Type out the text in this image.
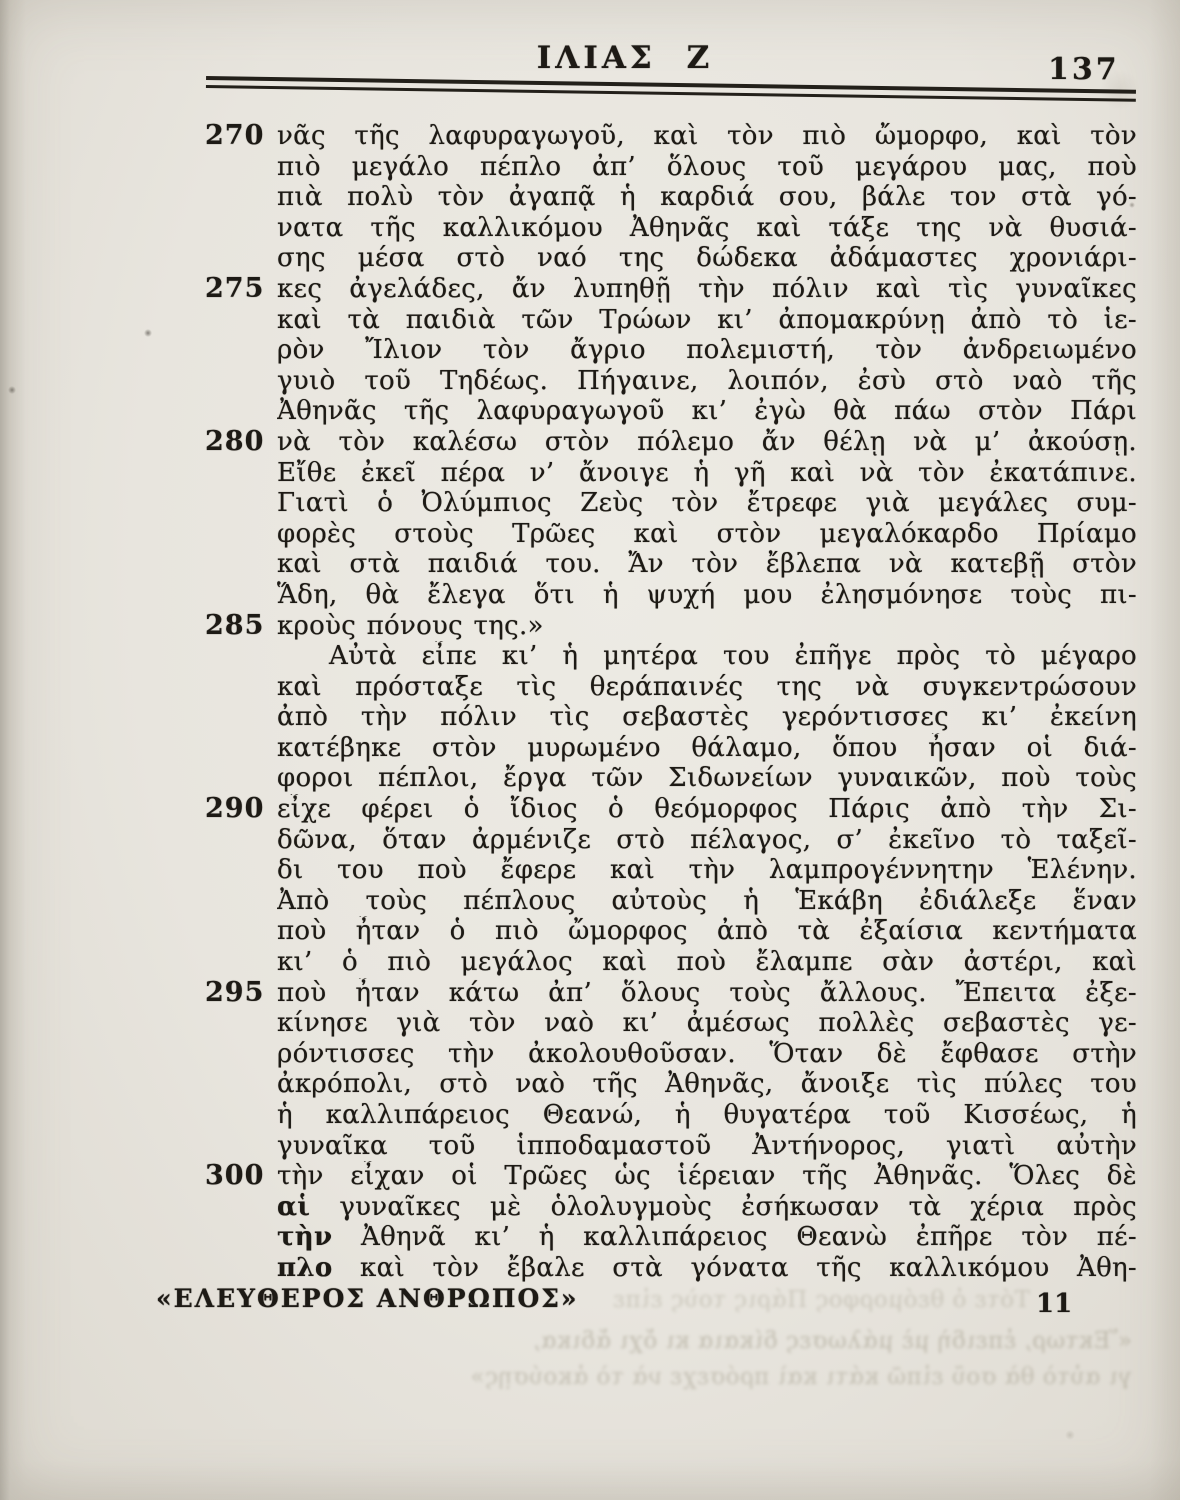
ΙΛΙΑΣ Ζ	137
270 νᾶς τῆς λαφυραγωγοῦ, καὶ τὸν πιὸ ὤμορφο, καὶ τὸν
πιὸ μεγάλο πέπλο ἀπ’ ὅλους τοῦ μεγάρου μας, ποὺ
πιὰ πολὺ τὸν ἀγαπᾷ ἡ καρδιά σου, βάλε τον στὰ γό-
νατα τῆς καλλικόμου Ἀθηνᾶς καὶ τάξε της νὰ θυσιά-
σης μέσα στὸ ναό της δώδεκα ἀδάμαστες χρονιάρι-
275 κες ἀγελάδες, ἄν λυπηθῇ τὴν πόλιν καὶ τὶς γυναῖκες
καὶ τὰ παιδιὰ τῶν Τρώων κι’ ἀπομακρύνῃ ἀπὸ τὸ ἱε-
ρὸν Ἴλιον τὸν ἄγριο πολεμιστή, τὸν ἀνδρειωμένο
γυιὸ τοῦ Τηδέως. Πήγαινε, λοιπόν, ἐσὺ στὸ ναὸ τῆς
Ἀθηνᾶς τῆς λαφυραγωγοῦ κι’ ἐγὼ θὰ πάω στὸν Πάρι
280 νὰ τὸν καλέσω στὸν πόλεμο ἄν θέλῃ νὰ μ’ ἀκούσῃ.
Εἴθε ἐκεῖ πέρα ν’ ἄνοιγε ἡ γῆ καὶ νὰ τὸν ἐκατάπινε.
Γιατὶ ὁ Ὀλύμπιος Ζεὺς τὸν ἔτρεφε γιὰ μεγάλες συμ-
φορὲς στοὺς Τρῶες καὶ στὸν μεγαλόκαρδο Πρίαμο
καὶ στὰ παιδιά του. Ἄν τὸν ἔβλεπα νὰ κατεβῇ στὸν
Ἅδη, θὰ ἔλεγα ὅτι ἡ ψυχή μου ἐλησμόνησε τοὺς πι-
285 κροὺς πόνους της.»
Αὐτὰ εἶπε κι’ ἡ μητέρα του ἐπῆγε πρὸς τὸ μέγαρο
καὶ πρόσταξε τὶς θεράπαινές της νὰ συγκεντρώσουν
ἀπὸ τὴν πόλιν τὶς σεβαστὲς γερόντισσες κι’ ἐκείνη
κατέβηκε στὸν μυρωμένο θάλαμο, ὅπου ἦσαν οἱ διά-
φοροι πέπλοι, ἔργα τῶν Σιδωνείων γυναικῶν, ποὺ τοὺς
290 εἶχε φέρει ὁ ἴδιος ὁ θεόμορφος Πάρις ἀπὸ τὴν Σι-
δῶνα, ὅταν ἀρμένιζε στὸ πέλαγος, σ’ ἐκεῖνο τὸ ταξεῖ-
δι του ποὺ ἔφερε καὶ τὴν λαμπρογέννητην Ἑλένην.
Ἀπὸ τοὺς πέπλους αὐτοὺς ἡ Ἑκάβη ἐδιάλεξε ἕναν
ποὺ ἦταν ὁ πιὸ ὤμορφος ἀπὸ τὰ ἐξαίσια κεντήματα
κι’ ὁ πιὸ μεγάλος καὶ ποὺ ἔλαμπε σὰν ἀστέρι, καὶ
295 ποὺ ἦταν κάτω ἀπ’ ὅλους τοὺς ἄλλους. Ἔπειτα ἐξε-
κίνησε γιὰ τὸν ναὸ κι’ ἀμέσως πολλὲς σεβαστὲς γε-
ρόντισσες τὴν ἀκολουθοῦσαν. Ὅταν δὲ ἔφθασε στὴν
ἀκρόπολι, στὸ ναὸ τῆς Ἀθηνᾶς, ἄνοιξε τὶς πύλες του
ἡ καλλιπάρειος Θεανώ, ἡ θυγατέρα τοῦ Κισσέως, ἡ
γυναῖκα τοῦ ἱπποδαμαστοῦ Ἀντήνορος, γιατὶ αὐτὴν
300 τὴν εἶχαν οἱ Τρῶες ὡς ἱέρειαν τῆς Ἀθηνᾶς. Ὅλες δὲ
αἱ γυναῖκες μὲ ὁλολυγμοὺς ἐσήκωσαν τὰ χέρια πρὸς
τὴν Ἀθηνᾶ κι’ ἡ καλλιπάρειος Θεανὼ ἐπῆρε τὸν πέ-
πλο καὶ τὸν ἔβαλε στὰ γόνατα τῆς καλλικόμου Ἀθη-
«ΕΛΕΥΘΕΡΟΣ ΑΝΘΡΩΠΟΣ»	11
Τότε ὁ θεόμορφος Πάρις τοὺς εἶπε
«Ἕκτωρ, ἐπειδὴ μὲ μάλωσες δίκαια κι ὄχι ἄδικα,
γι αὐτὸ θὰ σοῦ εἰπῶ κάτι καὶ πρόσεχε νὰ τὸ ἀκούσῃς»
